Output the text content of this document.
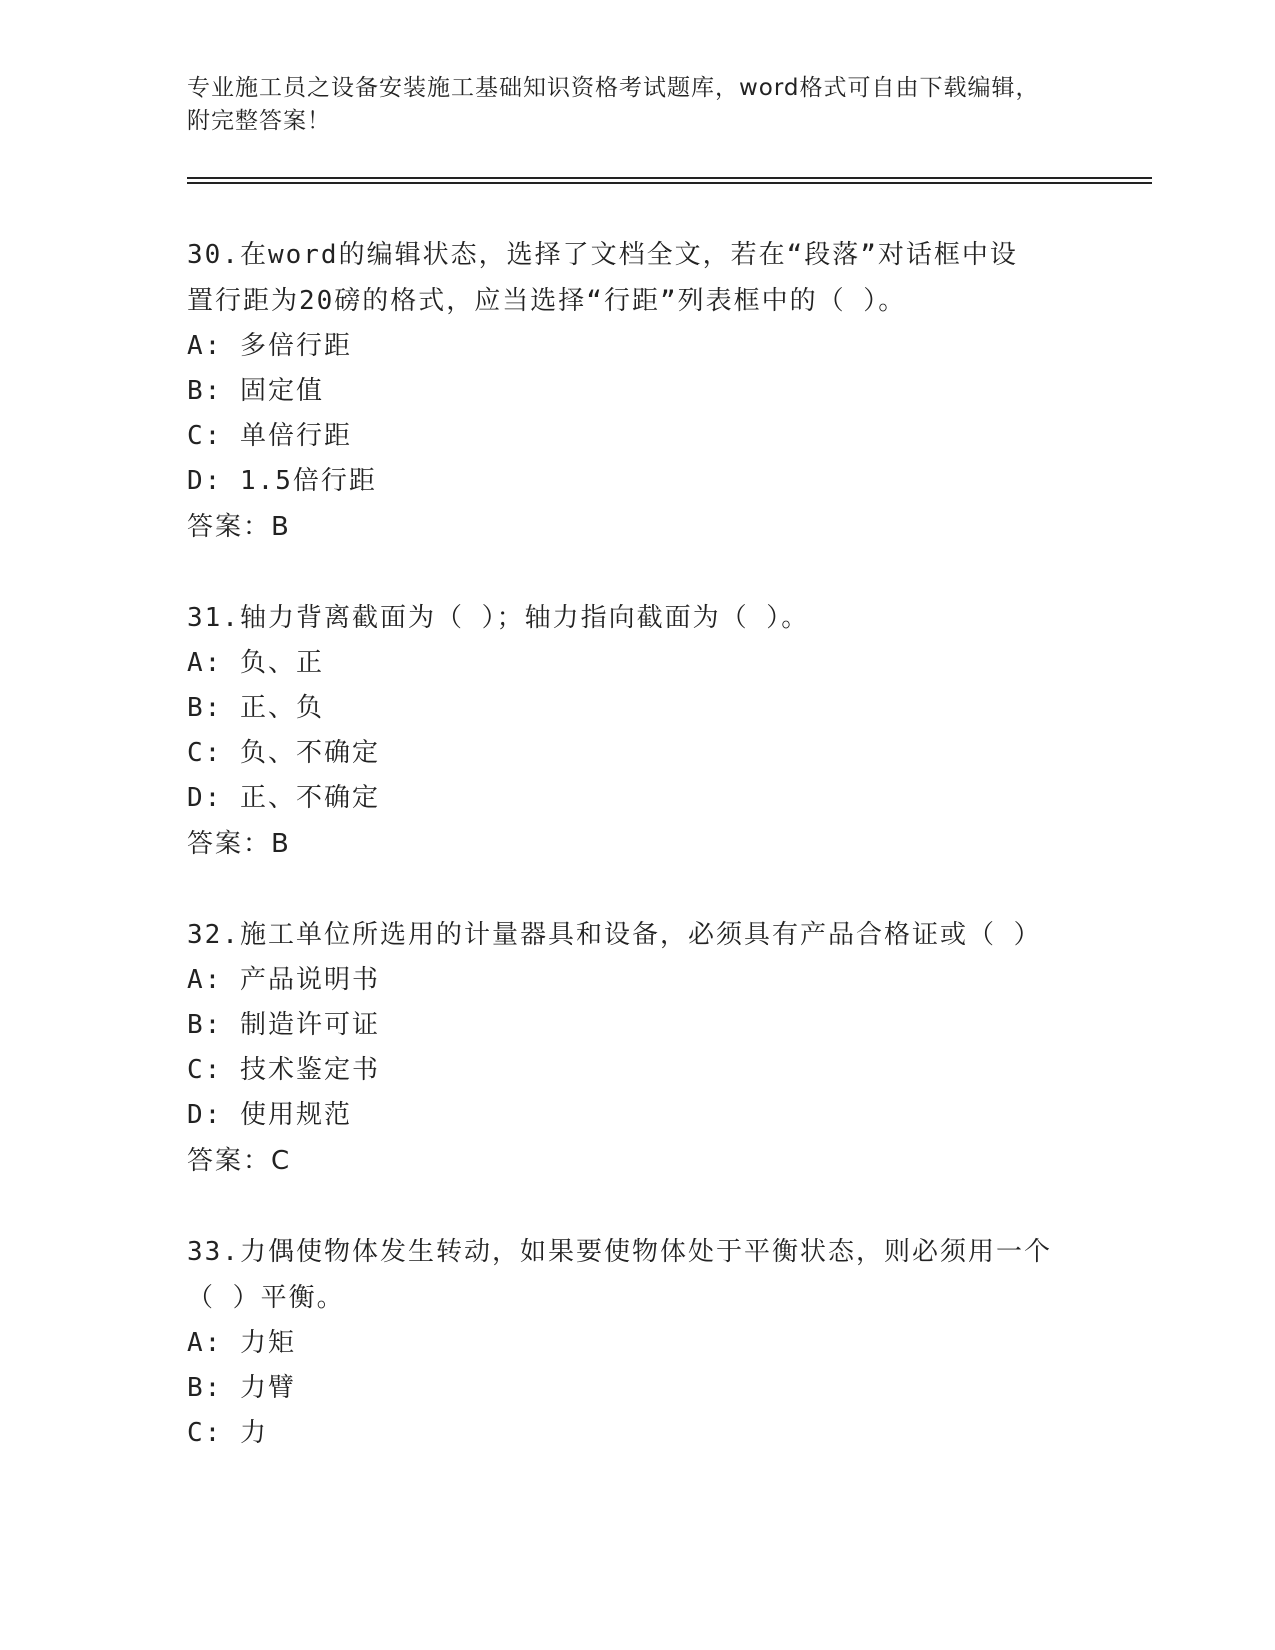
专业施工员之设备安装施工基础知识资格考试题库，word格式可自由下载编辑，
附完整答案！
30.在word的编辑状态，选择了文档全文，若在“段落”对话框中设
置行距为20磅的格式，应当选择“行距”列表框中的（ ）。
A: 多倍行距
B: 固定值
C: 单倍行距
D: 1.5倍行距
答案：B
31.轴力背离截面为（ ）；轴力指向截面为（ ）。
A: 负、正
B: 正、负
C: 负、不确定
D: 正、不确定
答案：B
32.施工单位所选用的计量器具和设备，必须具有产品合格证或（ ）
A: 产品说明书
B: 制造许可证
C: 技术鉴定书
D: 使用规范
答案：C
33.力偶使物体发生转动，如果要使物体处于平衡状态，则必须用一个
（ ）平衡。
A: 力矩
B: 力臂
C: 力
